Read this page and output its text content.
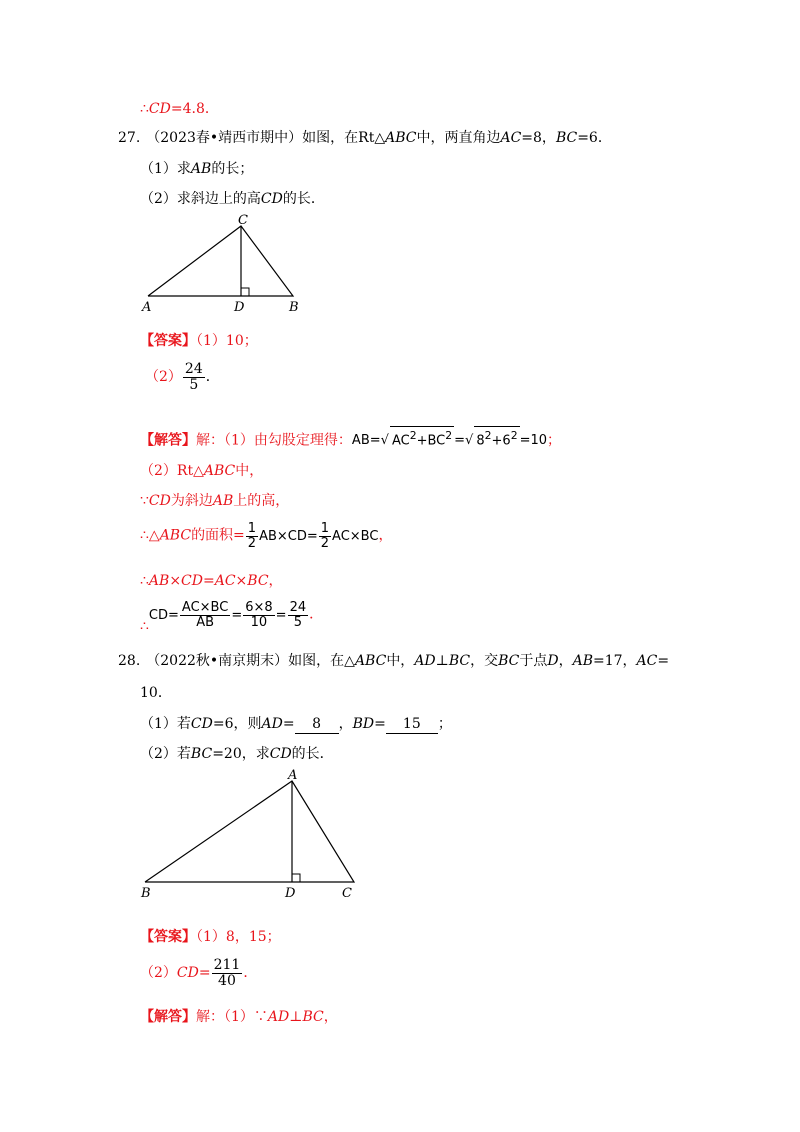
∴CD=4.8．
27. （2023春•靖西市期中）如图，在Rt△ABC中，两直角边AC=8，BC=6．
（1）求AB的长；
（2）求斜边上的高CD的长．
C
A	D	B
【答案】（1）10；
$(2) \frac{24}{5}$ ．
【解答】解：（1）由勾股定理得：AB=√ $AC^2+BC^2$ =√ $8^2+6^2 =10$；
（2）Rt△ABC中，
∵CD为斜边AB上的高，
∴△ABC的面积= $\frac{1}{2} AB\times CD= \frac{1}{2} AC\times BC$，
∴AB×CD=AC×BC，
∴CD= $\frac{AC\times BC}{AB} = \frac{6\times 8}{10} = \frac{24}{5}$ ．
28. （2022秋•南京期末）如图，在△ABC中，AD⊥BC，交BC于点D，AB=17，AC=
10．
（1）若CD=6，则AD= 8 ，BD= 15 ；
（2）若BC=20，求CD的长．
A
B	D	C
【答案】（1）8，15；
$(2)CD= \frac{211}{40}$ ．
【解答】解：（1）∵AD⊥BC，
